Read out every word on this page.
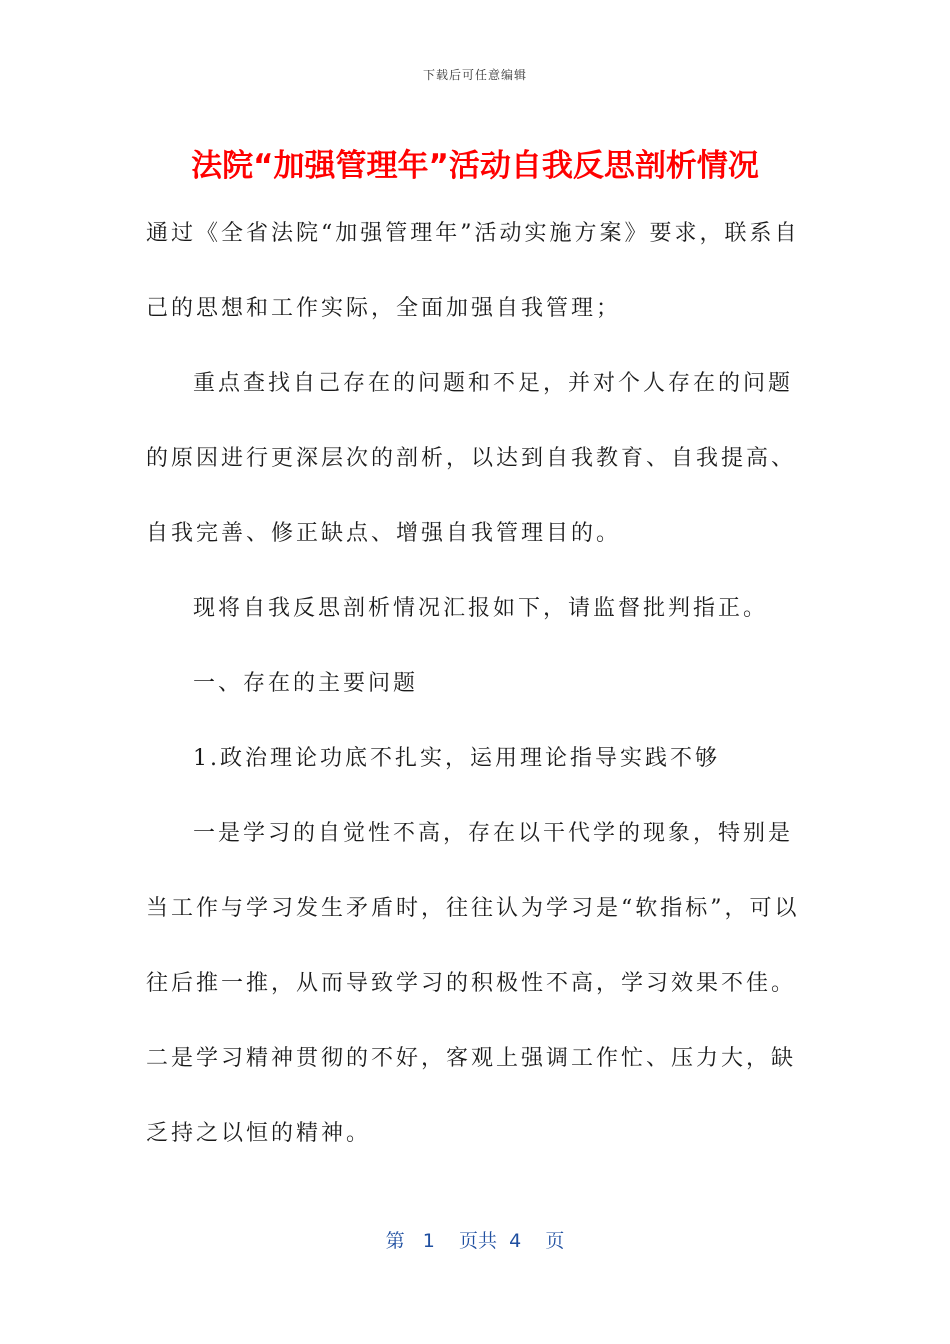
下载后可任意编辑
法院“加强管理年”活动自我反思剖析情况

通过《全省法院“加强管理年”活动实施方案》要求，联系自己的思想和工作实际，全面加强自我管理；

重点查找自己存在的问题和不足，并对个人存在的问题的原因进行更深层次的剖析，以达到自我教育、自我提高、自我完善、修正缺点、增强自我管理目的。

现将自我反思剖析情况汇报如下，请监督批判指正。

一、存在的主要问题

1.政治理论功底不扎实，运用理论指导实践不够

一是学习的自觉性不高，存在以干代学的现象，特别是当工作与学习发生矛盾时，往往认为学习是“软指标”，可以往后推一推，从而导致学习的积极性不高，学习效果不佳。二是学习精神贯彻的不好，客观上强调工作忙、压力大，缺乏持之以恒的精神。

第 1 页共 4 页
